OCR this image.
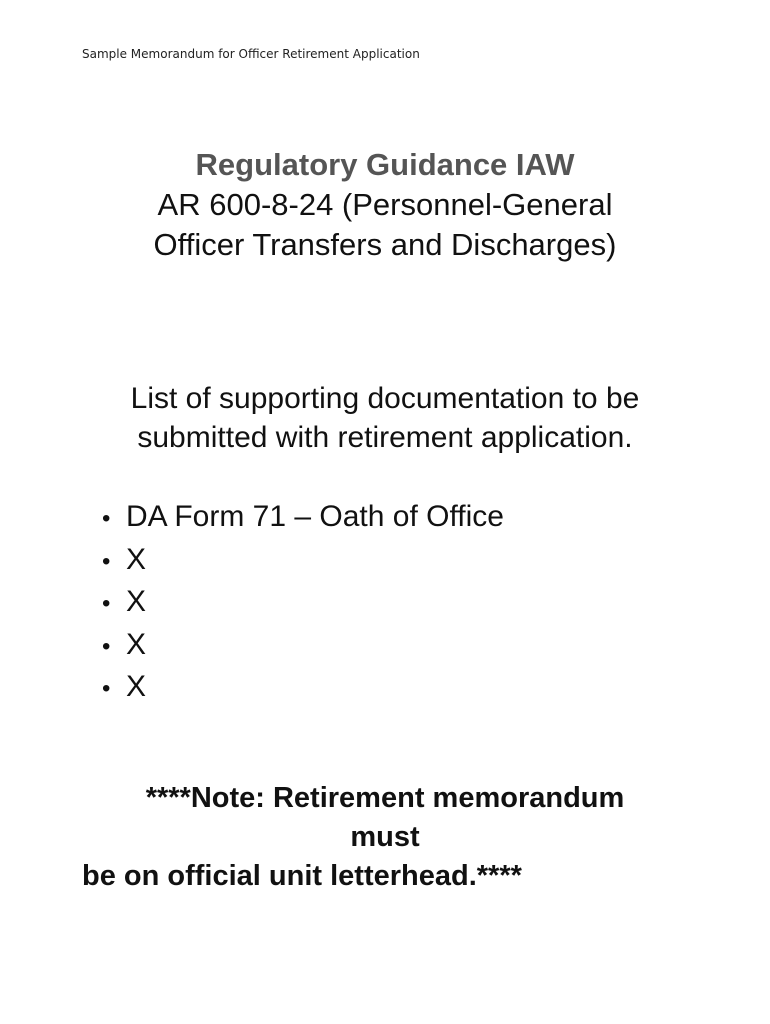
Sample Memorandum for Officer Retirement Application
Regulatory Guidance IAW
AR 600-8-24 (Personnel-General
Officer Transfers and Discharges)
List of supporting documentation to be
submitted with retirement application.
• DA Form 71 – Oath of Office
• X
• X
• X
• X
****Note: Retirement memorandum
must
be on official unit letterhead.****
